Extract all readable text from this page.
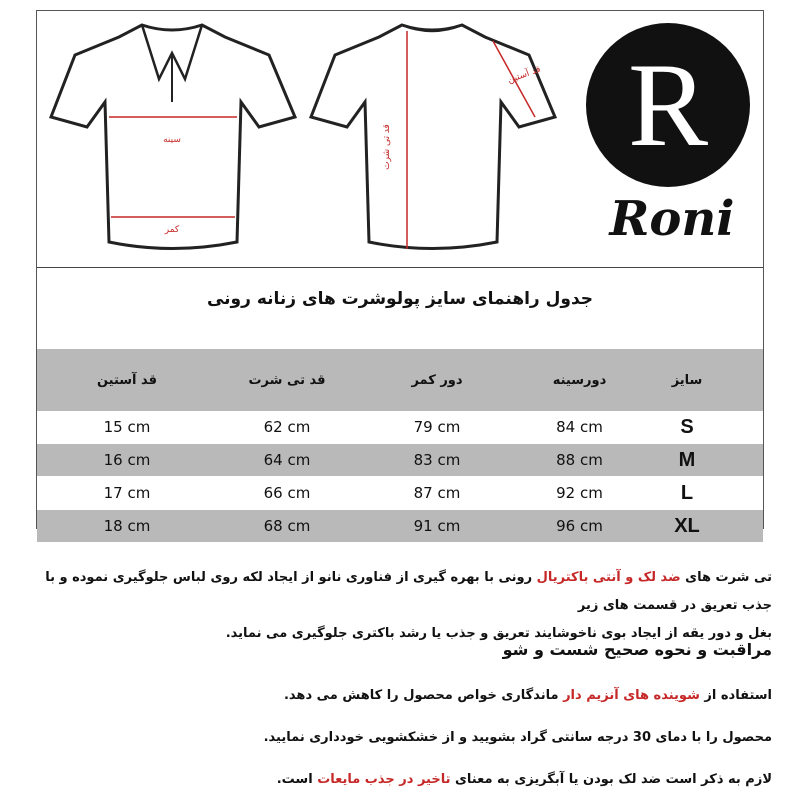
سینه
کمر
قد تی شرت
قد آستین R
Roni
جدول راهنمای سایز پولوشرت های زنانه رونی
قد آستین	قد تی شرت	دور کمر	دورسینه	سایز
15 cm	62 cm	79 cm	84 cm	S
16 cm	64 cm	83 cm	88 cm	M
17 cm	66 cm	87 cm	92 cm	L
18 cm	68 cm	91 cm	96 cm	XL
تی شرت های ضد لک و آنتی باکتریال رونی با بهره گیری از فناوری نانو از ایجاد لکه روی لباس جلوگیری نموده و با جذب تعریق در قسمت های زیر
بغل و دور یقه از ایجاد بوی ناخوشایند تعریق و جذب یا رشد باکتری جلوگیری می نماید.
مراقبت و نحوه صحیح شست و شو
استفاده از شوینده های آنزیم دار ماندگاری خواص محصول را کاهش می دهد.
محصول را با دمای 30 درجه سانتی گراد بشویید و از خشکشویی خودداری نمایید.
لازم به ذکر است ضد لک بودن یا آبگریزی به معنای تاخیر در جذب مایعات است.
